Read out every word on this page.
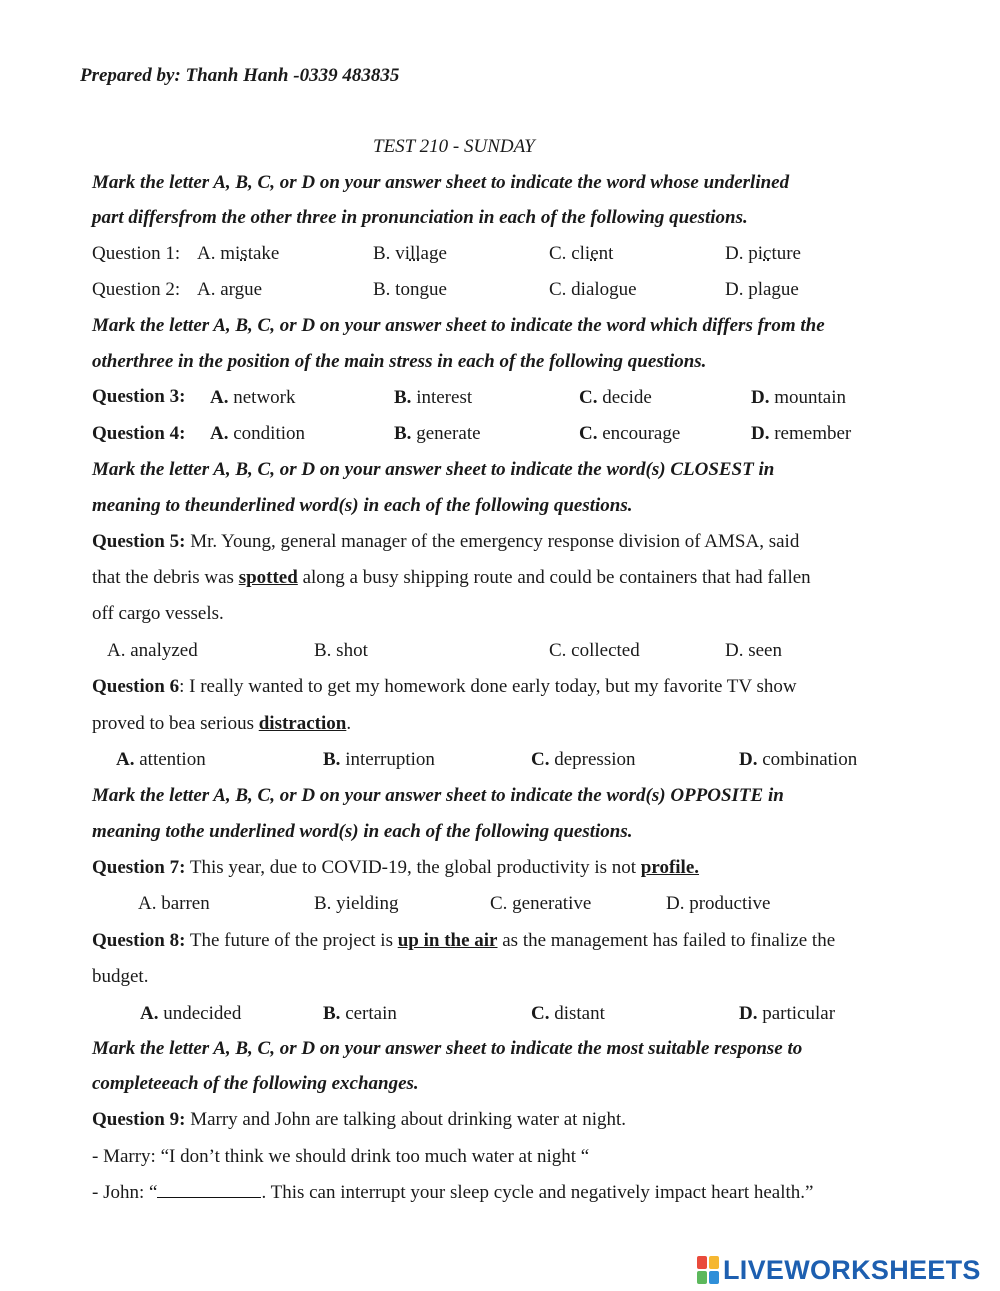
Prepared by: Thanh Hanh -0339 483835
TEST 210 - SUNDAY
Mark the letter A, B, C, or D on your answer sheet to indicate the word whose underlined
part differsfrom the other three in pronunciation in each of the following questions.
Question 1: A. mistake	B. village	C. client	D. picture
Question 2: A. argue	B. tongue	C. dialogue	D. plague
Mark the letter A, B, C, or D on your answer sheet to indicate the word which differs from the
otherthree in the position of the main stress in each of the following questions.
Question 3: A. network	B. interest	C. decide	D. mountain
Question 4: A. condition	B. generate	C. encourage	D. remember
Mark the letter A, B, C, or D on your answer sheet to indicate the word(s) CLOSEST in
meaning to theunderlined word(s) in each of the following questions.
Question 5: Mr. Young, general manager of the emergency response division of AMSA, said
that the debris was spotted along a busy shipping route and could be containers that had fallen
off cargo vessels.
A. analyzed	B. shot	C. collected	D. seen
Question 6: I really wanted to get my homework done early today, but my favorite TV show
proved to bea serious distraction.
A. attention	B. interruption	C. depression	D. combination
Mark the letter A, B, C, or D on your answer sheet to indicate the word(s) OPPOSITE in
meaning tothe underlined word(s) in each of the following questions.
Question 7: This year, due to COVID-19, the global productivity is not profile.
A. barren	B. yielding	C. generative	D. productive
Question 8: The future of the project is up in the air as the management has failed to finalize the
budget.
A. undecided	B. certain	C. distant	D. particular
Mark the letter A, B, C, or D on your answer sheet to indicate the most suitable response to
completeeach of the following exchanges.
Question 9: Marry and John are talking about drinking water at night.
- Marry: “I don’t think we should drink too much water at night “
- John: “	. This can interrupt your sleep cycle and negatively impact heart health.”
LIVEWORKSHEETS
